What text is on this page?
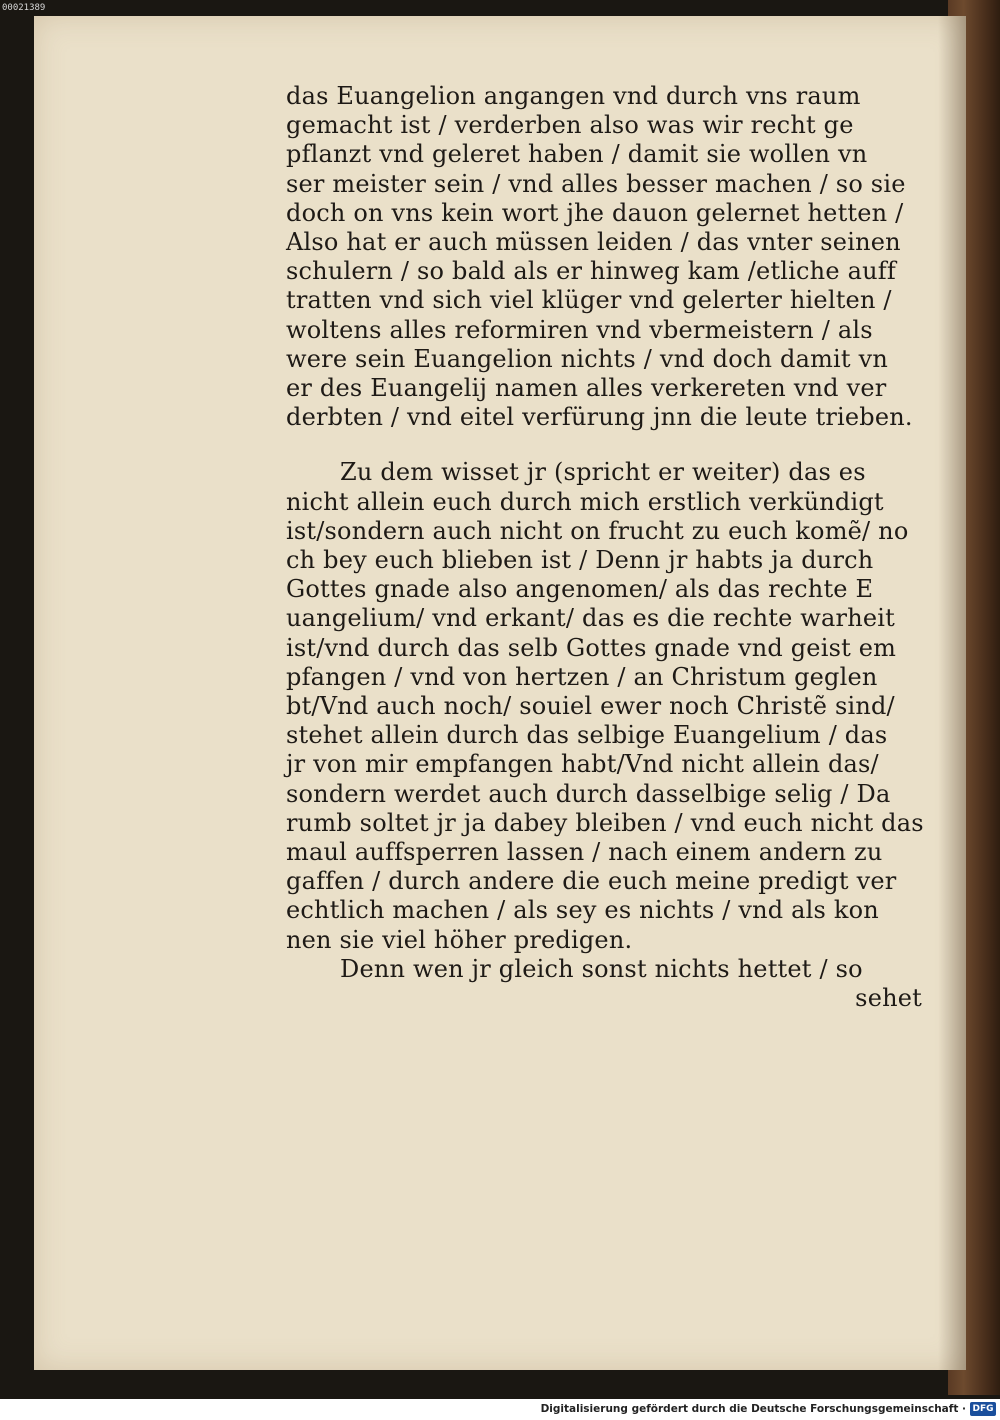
00021389
das Euangelion angangen vnd durch vns raum
gemacht ist / verderben also was wir recht ge
pflanzt vnd geleret haben / damit sie wollen vn
ser meister sein / vnd alles besser machen / so sie
doch on vns kein wort jhe dauon gelernet hetten /
Also hat er auch müssen leiden / das vnter seinen
schulern / so bald als er hinweg kam /etliche auff
tratten vnd sich viel klüger vnd gelerter hielten /
woltens alles reformiren vnd vbermeistern / als
were sein Euangelion nichts / vnd doch damit vn
er des Euangelij namen alles verkereten vnd ver
derbten / vnd eitel verfürung jnn die leute trieben.
Zu dem wisset jr (spricht er weiter) das es
nicht allein euch durch mich erstlich verkündigt
ist/sondern auch nicht on frucht zu euch komẽ/ no
ch bey euch blieben ist / Denn jr habts ja durch
Gottes gnade also angenomen/ als das rechte E
uangelium/ vnd erkant/ das es die rechte warheit
ist/vnd durch das selb Gottes gnade vnd geist em
pfangen / vnd von hertzen / an Christum geglen
bt/Vnd auch noch/ souiel ewer noch Christẽ sind/
stehet allein durch das selbige Euangelium / das
jr von mir empfangen habt/Vnd nicht allein das/
sondern werdet auch durch dasselbige selig / Da
rumb soltet jr ja dabey bleiben / vnd euch nicht das
maul auffsperren lassen / nach einem andern zu
gaffen / durch andere die euch meine predigt ver
echtlich machen / als sey es nichts / vnd als kon
nen sie viel höher predigen.
Denn wen jr gleich sonst nichts hettet / so
sehet
Digitalisierung gefördert durch die Deutsche Forschungsgemeinschaft · DFG
